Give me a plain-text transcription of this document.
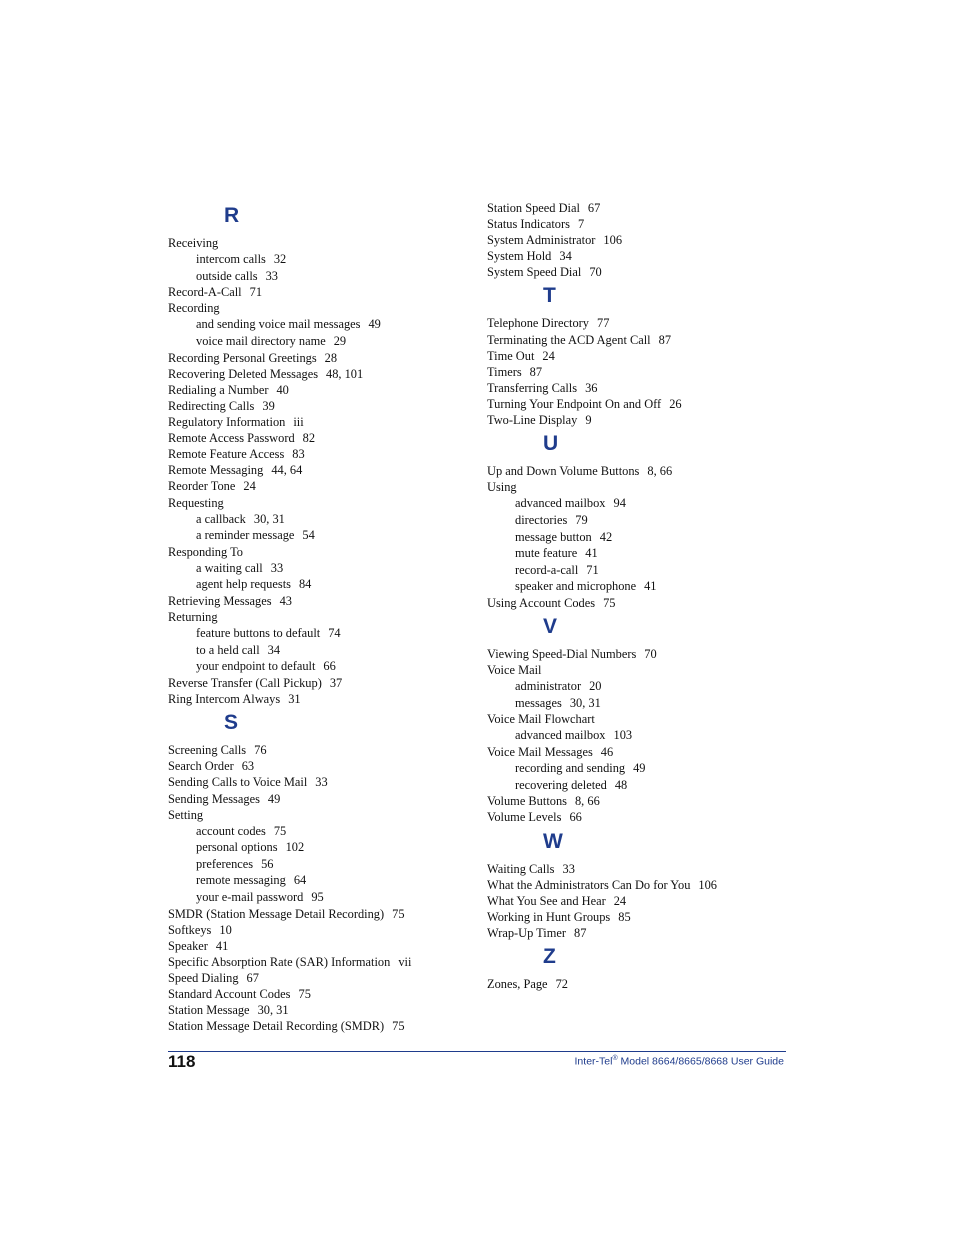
R
Receiving
intercom calls 32
outside calls 33
Record-A-Call 71
Recording
and sending voice mail messages 49
voice mail directory name 29
Recording Personal Greetings 28
Recovering Deleted Messages 48, 101
Redialing a Number 40
Redirecting Calls 39
Regulatory Information iii
Remote Access Password 82
Remote Feature Access 83
Remote Messaging 44, 64
Reorder Tone 24
Requesting
a callback 30, 31
a reminder message 54
Responding To
a waiting call 33
agent help requests 84
Retrieving Messages 43
Returning
feature buttons to default 74
to a held call 34
your endpoint to default 66
Reverse Transfer (Call Pickup) 37
Ring Intercom Always 31
S
Screening Calls 76
Search Order 63
Sending Calls to Voice Mail 33
Sending Messages 49
Setting
account codes 75
personal options 102
preferences 56
remote messaging 64
your e-mail password 95
SMDR (Station Message Detail Recording) 75
Softkeys 10
Speaker 41
Specific Absorption Rate (SAR) Information vii
Speed Dialing 67
Standard Account Codes 75
Station Message 30, 31
Station Message Detail Recording (SMDR) 75
Station Speed Dial 67
Status Indicators 7
System Administrator 106
System Hold 34
System Speed Dial 70
T
Telephone Directory 77
Terminating the ACD Agent Call 87
Time Out 24
Timers 87
Transferring Calls 36
Turning Your Endpoint On and Off 26
Two-Line Display 9
U
Up and Down Volume Buttons 8, 66
Using
advanced mailbox 94
directories 79
message button 42
mute feature 41
record-a-call 71
speaker and microphone 41
Using Account Codes 75
V
Viewing Speed-Dial Numbers 70
Voice Mail
administrator 20
messages 30, 31
Voice Mail Flowchart
advanced mailbox 103
Voice Mail Messages 46
recording and sending 49
recovering deleted 48
Volume Buttons 8, 66
Volume Levels 66
W
Waiting Calls 33
What the Administrators Can Do for You 106
What You See and Hear 24
Working in Hunt Groups 85
Wrap-Up Timer 87
Z
Zones, Page 72
118	Inter-Tel® Model 8664/8665/8668 User Guide
